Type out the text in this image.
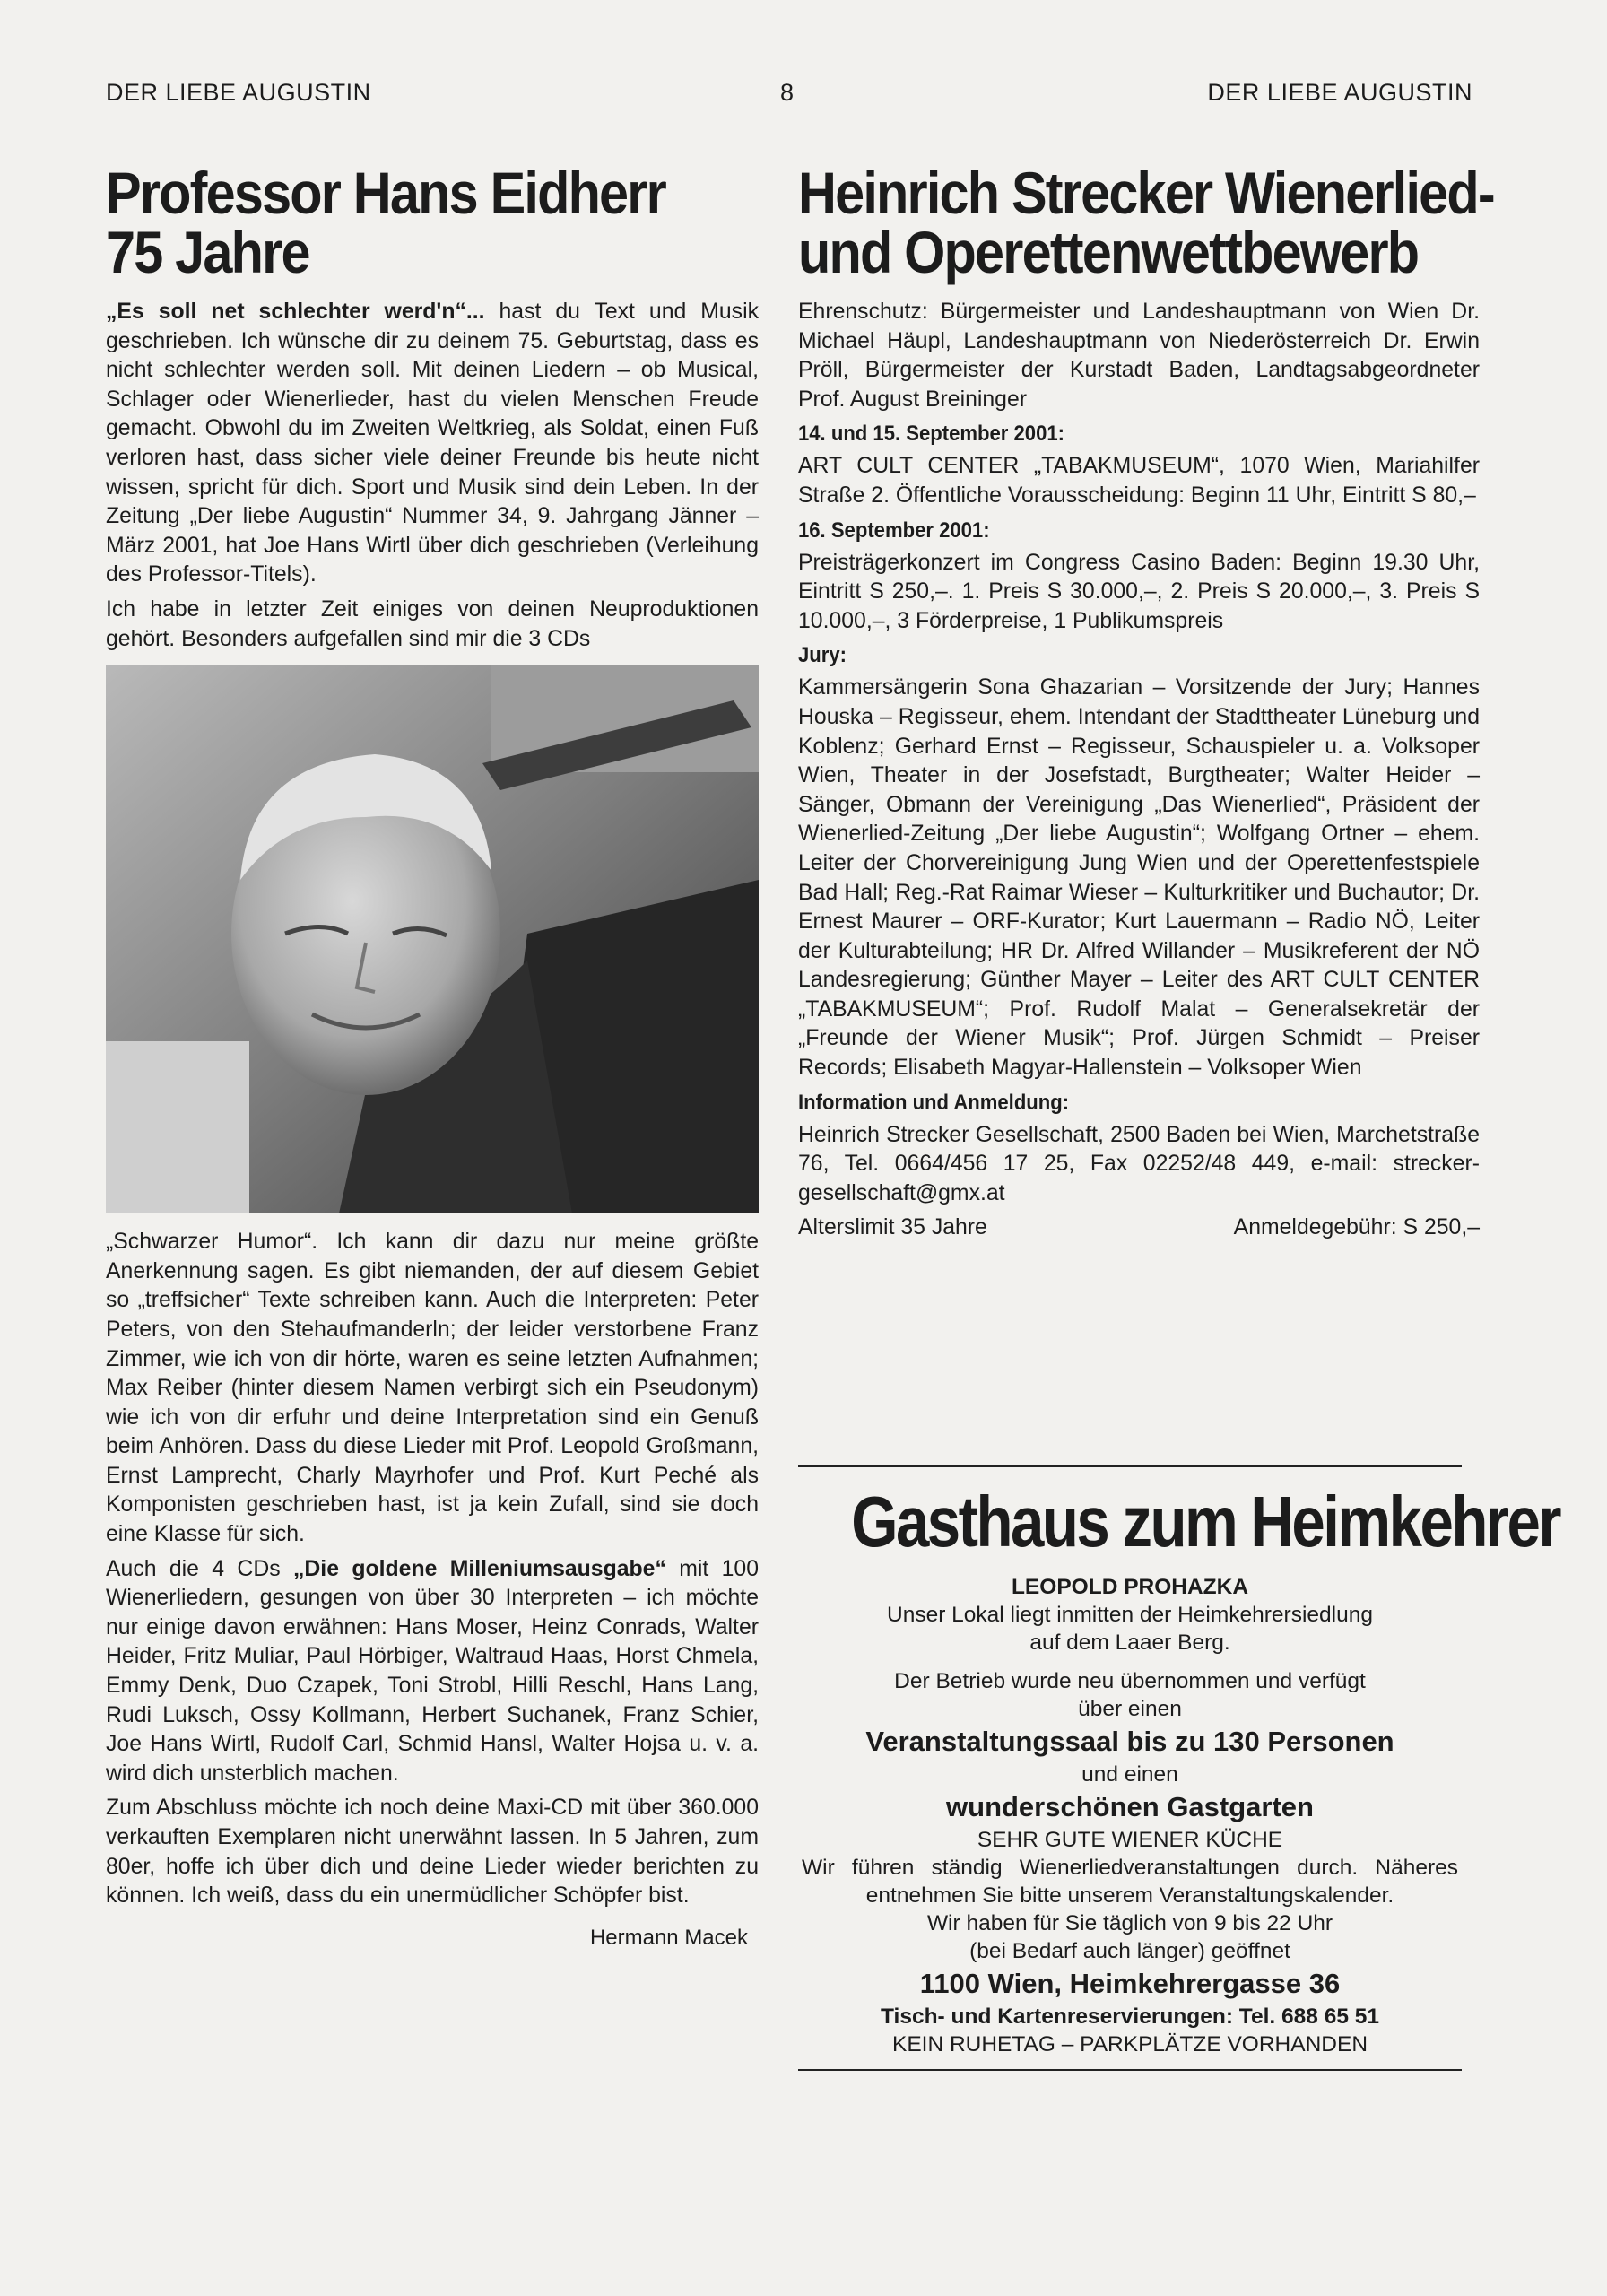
DER LIEBE AUGUSTIN	8	DER LIEBE AUGUSTIN
Professor Hans Eidherr
75 Jahre

„Es soll net schlechter werd'n“... hast du Text und Musik geschrieben. Ich wünsche dir zu deinem 75. Geburtstag, dass es nicht schlechter werden soll. Mit deinen Liedern – ob Musical, Schlager oder Wienerlieder, hast du vielen Menschen Freude gemacht. Obwohl du im Zweiten Weltkrieg, als Soldat, einen Fuß verloren hast, dass sicher viele deiner Freunde bis heute nicht wissen, spricht für dich. Sport und Musik sind dein Leben. In der Zeitung „Der liebe Augustin“ Nummer 34, 9. Jahrgang Jänner – März 2001, hat Joe Hans Wirtl über dich geschrieben (Verleihung des Professor-Titels).

Ich habe in letzter Zeit einiges von deinen Neuproduktionen gehört. Besonders aufgefallen sind mir die 3 CDs

„Schwarzer Humor“. Ich kann dir dazu nur meine größte Anerkennung sagen. Es gibt niemanden, der auf diesem Gebiet so „treffsicher“ Texte schreiben kann. Auch die Interpreten: Peter Peters, von den Stehaufmanderln; der leider verstorbene Franz Zimmer, wie ich von dir hörte, waren es seine letzten Aufnahmen; Max Reiber (hinter diesem Namen verbirgt sich ein Pseudonym) wie ich von dir erfuhr und deine Interpretation sind ein Genuß beim Anhören. Dass du diese Lieder mit Prof. Leopold Großmann, Ernst Lamprecht, Charly Mayrhofer und Prof. Kurt Peché als Komponisten geschrieben hast, ist ja kein Zufall, sind sie doch eine Klasse für sich.

Auch die 4 CDs „Die goldene Milleniumsausgabe“ mit 100 Wienerliedern, gesungen von über 30 Interpreten – ich möchte nur einige davon erwähnen: Hans Moser, Heinz Conrads, Walter Heider, Fritz Muliar, Paul Hörbiger, Waltraud Haas, Horst Chmela, Emmy Denk, Duo Czapek, Toni Strobl, Hilli Reschl, Hans Lang, Rudi Luksch, Ossy Kollmann, Herbert Suchanek, Franz Schier, Joe Hans Wirtl, Rudolf Carl, Schmid Hansl, Walter Hojsa u. v. a. wird dich unsterblich machen.

Zum Abschluss möchte ich noch deine Maxi-CD mit über 360.000 verkauften Exemplaren nicht unerwähnt lassen. In 5 Jahren, zum 80er, hoffe ich über dich und deine Lieder wieder berichten zu können. Ich weiß, dass du ein unermüdlicher Schöpfer bist.

Hermann Macek
Heinrich Strecker Wienerlied-
und Operettenwettbewerb

Ehrenschutz: Bürgermeister und Landeshauptmann von Wien Dr. Michael Häupl, Landeshauptmann von Niederösterreich Dr. Erwin Pröll, Bürgermeister der Kurstadt Baden, Landtagsabgeordneter Prof. August Breininger

14. und 15. September 2001:

ART CULT CENTER „TABAKMUSEUM“, 1070 Wien, Mariahilfer Straße 2. Öffentliche Vorausscheidung: Beginn 11 Uhr, Eintritt S 80,–

16. September 2001:

Preisträgerkonzert im Congress Casino Baden: Beginn 19.30 Uhr, Eintritt S 250,–. 1. Preis S 30.000,–, 2. Preis S 20.000,–, 3. Preis S 10.000,–, 3 Förderpreise, 1 Publikumspreis

Jury:

Kammersängerin Sona Ghazarian – Vorsitzende der Jury; Hannes Houska – Regisseur, ehem. Intendant der Stadttheater Lüneburg und Koblenz; Gerhard Ernst – Regisseur, Schauspieler u. a. Volksoper Wien, Theater in der Josefstadt, Burgtheater; Walter Heider – Sänger, Obmann der Vereinigung „Das Wienerlied“, Präsident der Wienerlied-Zeitung „Der liebe Augustin“; Wolfgang Ortner – ehem. Leiter der Chorvereinigung Jung Wien und der Operettenfestspiele Bad Hall; Reg.-Rat Raimar Wieser – Kulturkritiker und Buchautor; Dr. Ernest Maurer – ORF-Kurator; Kurt Lauermann – Radio NÖ, Leiter der Kulturabteilung; HR Dr. Alfred Willander – Musikreferent der NÖ Landesregierung; Günther Mayer – Leiter des ART CULT CENTER „TABAKMUSEUM“; Prof. Rudolf Malat – Generalsekretär der „Freunde der Wiener Musik“; Prof. Jürgen Schmidt – Preiser Records; Elisabeth Magyar-Hallenstein – Volksoper Wien

Information und Anmeldung:

Heinrich Strecker Gesellschaft, 2500 Baden bei Wien, Marchetstraße 76, Tel. 0664/456 17 25, Fax 02252/48 449, e-mail: strecker-gesellschaft@gmx.at

Alterslimit 35 Jahre	Anmeldegebühr: S 250,–
Gasthaus zum Heimkehrer
LEOPOLD PROHAZKA
Unser Lokal liegt inmitten der Heimkehrersiedlung
auf dem Laaer Berg.
Der Betrieb wurde neu übernommen und verfügt
über einen
Veranstaltungssaal bis zu 130 Personen
und einen
wunderschönen Gastgarten
SEHR GUTE WIENER KÜCHE
Wir führen ständig Wienerliedveranstaltungen durch. Näheres entnehmen Sie bitte unserem Veranstaltungskalender.
Wir haben für Sie täglich von 9 bis 22 Uhr
(bei Bedarf auch länger) geöffnet
1100 Wien, Heimkehrergasse 36
Tisch- und Kartenreservierungen: Tel. 688 65 51
KEIN RUHETAG – PARKPLÄTZE VORHANDEN
